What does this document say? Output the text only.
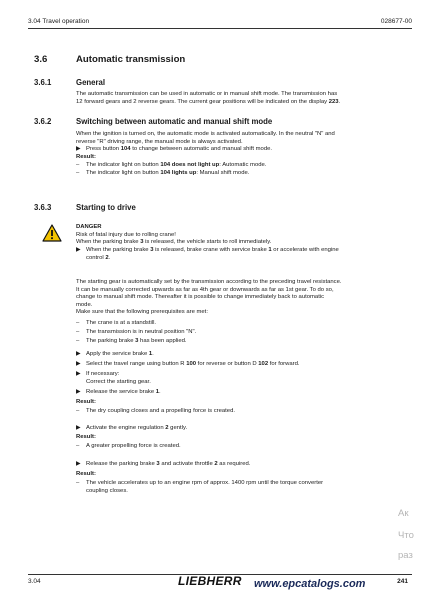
3.04 Travel operation	028677-00
3.6	Automatic transmission
3.6.1	General
The automatic transmission can be used in automatic or in manual shift mode. The transmission has
12 forward gears and 2 reverse gears. The current gear positions will be indicated on the display 223.
3.6.2	Switching between automatic and manual shift mode
When the ignition is turned on, the automatic mode is activated automatically. In the neutral "N" and
reverse "R" driving range, the manual mode is always activated.
▶ Press button 104 to change between automatic and manual shift mode.
Result:
–	The indicator light on button 104 does not light up: Automatic mode.
–	The indicator light on button 104 lights up: Manual shift mode.
3.6.3	Starting to drive
DANGER
Risk of fatal injury due to rolling crane!
When the parking brake 3 is released, the vehicle starts to roll immediately.
▶ When the parking brake 3 is released, brake crane with service brake 1 or accelerate with engine
control 2.
The starting gear is automatically set by the transmission according to the preceding travel resistance.
It can be manually corrected upwards as far as 4th gear or downwards as far as 1st gear. To do so,
change to manual shift mode. Thereafter it is possible to change immediately back to automatic
mode.
Make sure that the following prerequisites are met:
–	The crane is at a standstill.
–	The transmission is in neutral position "N".
–	The parking brake 3 has been applied.
▶ Apply the service brake 1.
▶ Select the travel range using button R 100 for reverse or button D 102 for forward.
▶ If necessary:
Correct the starting gear.
▶ Release the service brake 1.
Result:
–	The dry coupling closes and a propelling force is created.
▶ Activate the engine regulation 2 gently.
Result:
–	A greater propelling force is created.
▶ Release the parking brake 3 and activate throttle 2 as required.
Result:
–	The vehicle accelerates up to an engine rpm of approx. 1400 rpm until the torque converter
coupling closes.
Ак
Что
раз
3.04	LIEBHERR www.epcatalogs.com	241
